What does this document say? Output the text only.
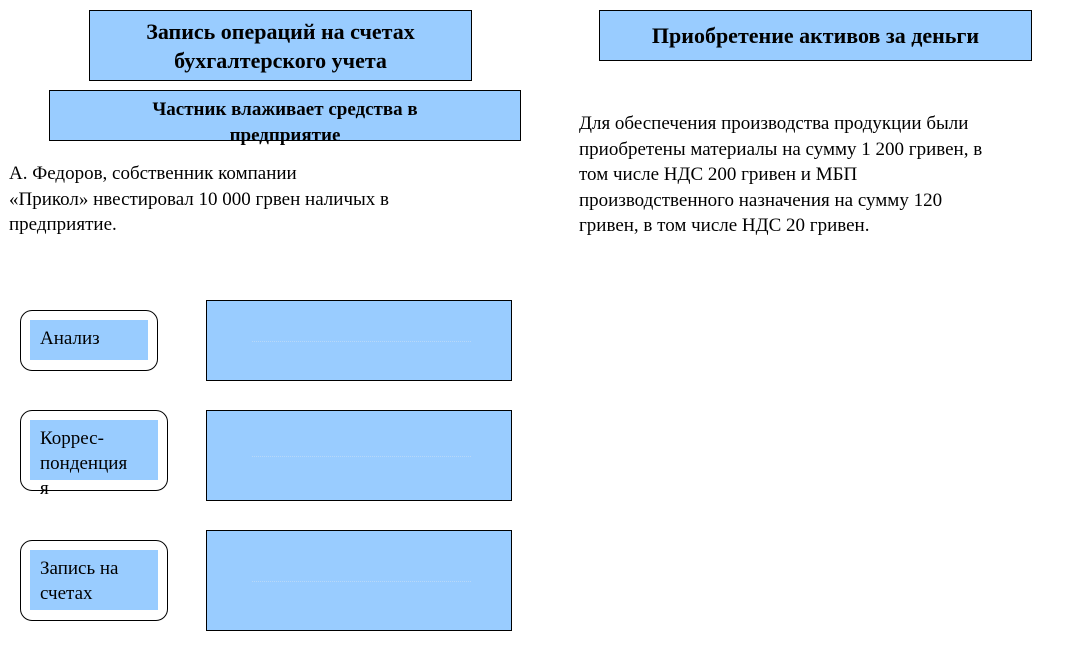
Запись операций на счетах
бухгалтерского учета
Приобретение активов за деньги
Частник влаживает средства в
предприятие
А. Федоров, собственник компании
«Прикол» нвестировал 10 000 грвен наличых в
предприятие.
Для обеспечения производства продукции были
приобретены материалы на сумму 1 200 гривен, в
том числе НДС 200 гривен и МБП
производственного назначения на сумму 120
гривен, в том числе НДС 20 гривен.
Анализ
Коррес-
понденция
я
Запись на
счетах
